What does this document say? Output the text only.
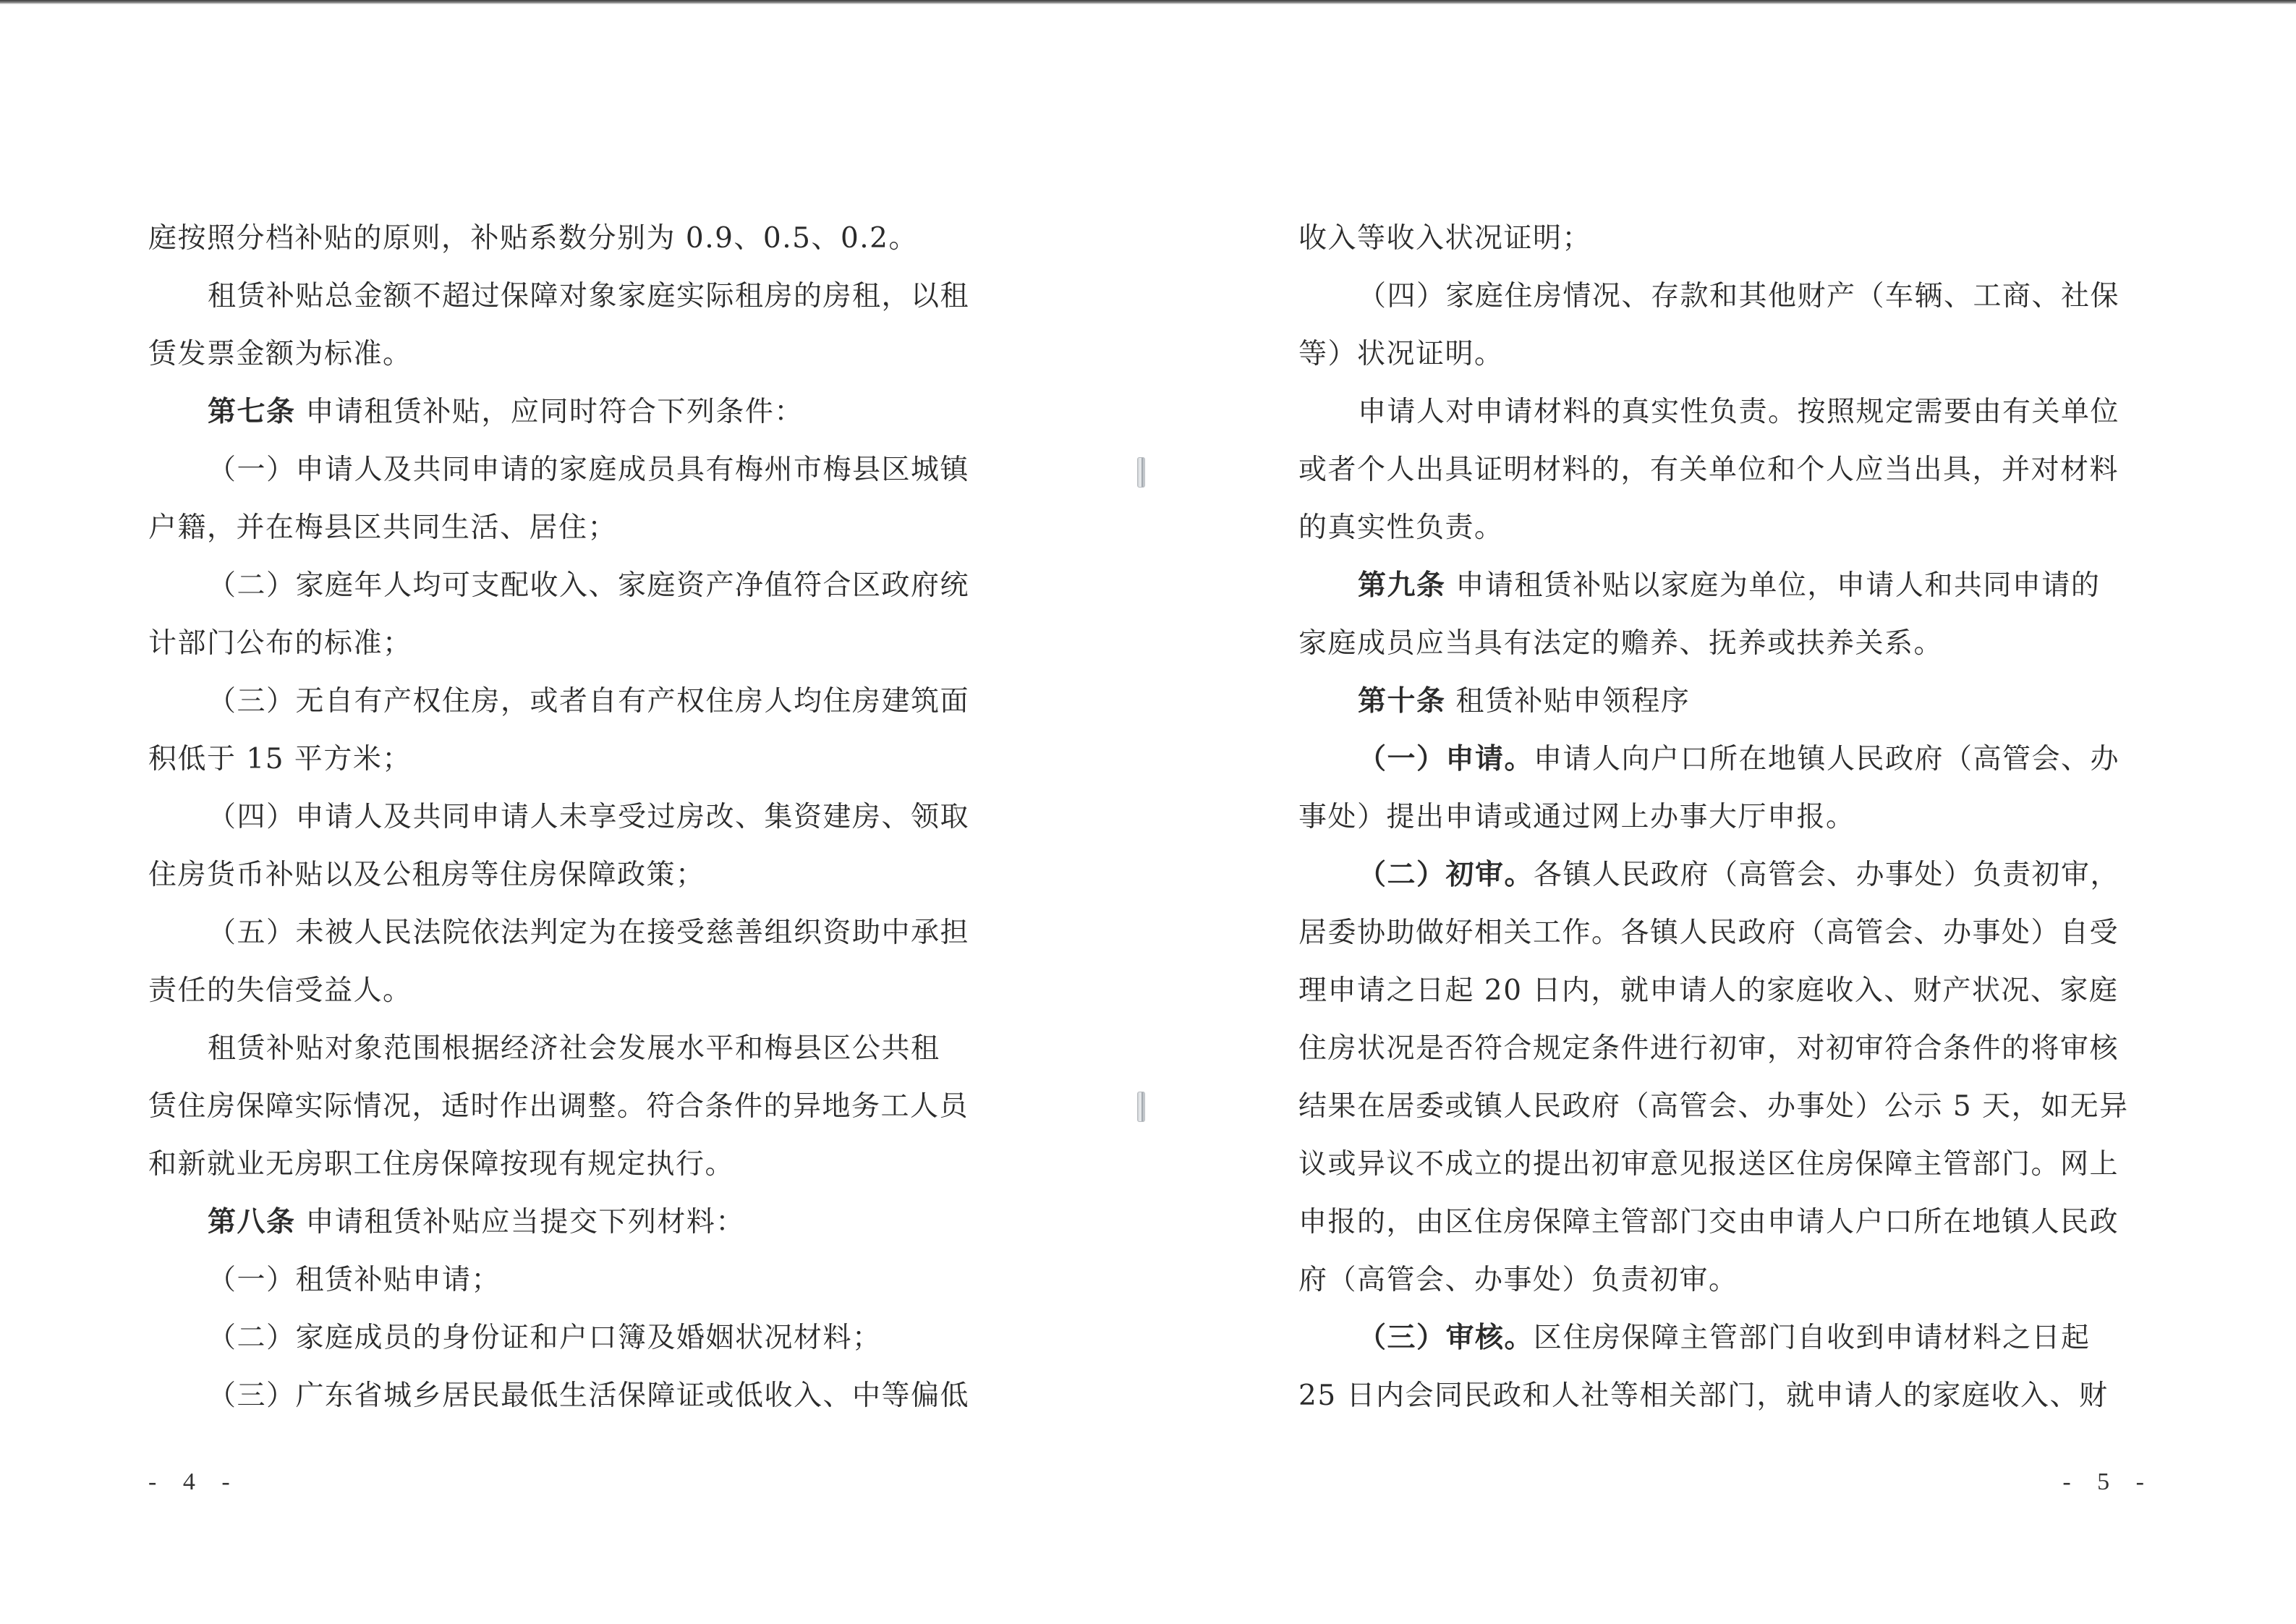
庭按照分档补贴的原则，补贴系数分别为 0.9、0.5、0.2。
租赁补贴总金额不超过保障对象家庭实际租房的房租，以租
赁发票金额为标准。
第七条 申请租赁补贴，应同时符合下列条件：
（一）申请人及共同申请的家庭成员具有梅州市梅县区城镇
户籍，并在梅县区共同生活、居住；
（二）家庭年人均可支配收入、家庭资产净值符合区政府统
计部门公布的标准；
（三）无自有产权住房，或者自有产权住房人均住房建筑面
积低于 15 平方米；
（四）申请人及共同申请人未享受过房改、集资建房、领取
住房货币补贴以及公租房等住房保障政策；
（五）未被人民法院依法判定为在接受慈善组织资助中承担
责任的失信受益人。
租赁补贴对象范围根据经济社会发展水平和梅县区公共租
赁住房保障实际情况，适时作出调整。符合条件的异地务工人员
和新就业无房职工住房保障按现有规定执行。
第八条 申请租赁补贴应当提交下列材料：
（一）租赁补贴申请；
（二）家庭成员的身份证和户口簿及婚姻状况材料；
（三）广东省城乡居民最低生活保障证或低收入、中等偏低
- 4 -
收入等收入状况证明；
（四）家庭住房情况、存款和其他财产（车辆、工商、社保
等）状况证明。
申请人对申请材料的真实性负责。按照规定需要由有关单位
或者个人出具证明材料的，有关单位和个人应当出具，并对材料
的真实性负责。
第九条 申请租赁补贴以家庭为单位，申请人和共同申请的
家庭成员应当具有法定的赡养、抚养或扶养关系。
第十条 租赁补贴申领程序
（一）申请。申请人向户口所在地镇人民政府（高管会、办
事处）提出申请或通过网上办事大厅申报。
（二）初审。各镇人民政府（高管会、办事处）负责初审，
居委协助做好相关工作。各镇人民政府（高管会、办事处）自受
理申请之日起 20 日内，就申请人的家庭收入、财产状况、家庭
住房状况是否符合规定条件进行初审，对初审符合条件的将审核
结果在居委或镇人民政府（高管会、办事处）公示 5 天，如无异
议或异议不成立的提出初审意见报送区住房保障主管部门。网上
申报的，由区住房保障主管部门交由申请人户口所在地镇人民政
府（高管会、办事处）负责初审。
（三）审核。区住房保障主管部门自收到申请材料之日起
25 日内会同民政和人社等相关部门，就申请人的家庭收入、财
- 5 -
